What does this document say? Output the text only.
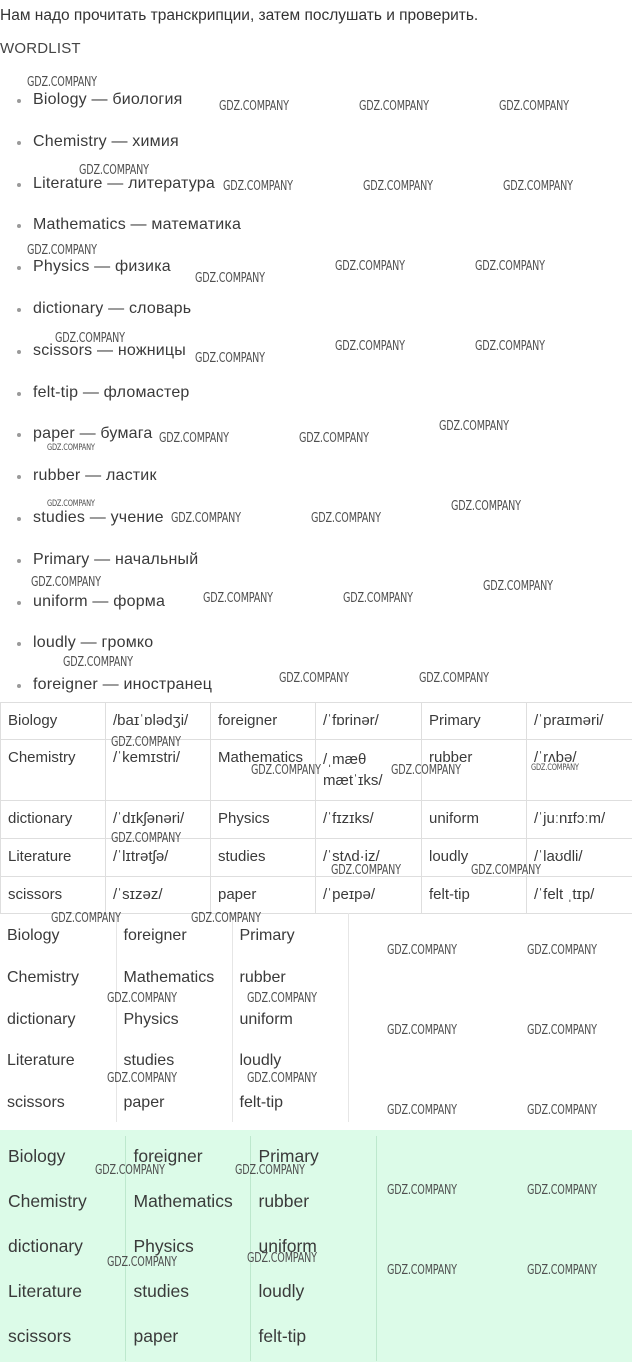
Нам надо прочитать транскрипции, затем послушать и проверить.
WORDLIST
Biology — биология
Chemistry — химия
Literature — литература
Mathematics — математика
Physics — физика
dictionary — словарь
scissors — ножницы
felt-tip — фломастер
paper — бумага
rubber — ластик
studies — учение
Primary — начальный
uniform — форма
loudly — громко
foreigner — иностранец
Biology	/baɪˈɒlədʒi/	foreigner	/ˈfɒrinər/	Primary	/ˈpraɪməri/
Chemistry	/ˈkemɪstri/	Mathematics	/ˌmæθ mætˈɪks/	rubber	/ˈrʌbə/
dictionary	/ˈdɪkʃənəri/	Physics	/ˈfɪzɪks/	uniform	/ˈjuːnɪfɔːm/
Literature	/ˈlɪtrətʃə/	studies	/ˈstʌd·iz/	loudly	/ˈlaʊdli/
scissors	/ˈsɪzəz/	paper	/ˈpeɪpə/	felt-tip	/ˈfelt ˌtɪp/
Biology	foreigner	Primary
Chemistry	Mathematics	rubber
dictionary	Physics	uniform
Literature	studies	loudly
scissors	paper	felt-tip
Biology	foreigner	Primary
Chemistry	Mathematics	rubber
dictionary	Physics	uniform
Literature	studies	loudly
scissors	paper	felt-tip
GDZ.COMPANY
GDZ.COMPANY	GDZ.COMPANY	GDZ.COMPANY
GDZ.COMPANY
GDZ.COMPANY	GDZ.COMPANY	GDZ.COMPANY
GDZ.COMPANY
GDZ.COMPANY	GDZ.COMPANY
GDZ.COMPANY
GDZ.COMPANY
GDZ.COMPANY	GDZ.COMPANY
GDZ.COMPANY
GDZ.COMPANY
GDZ.COMPANY	GDZ.COMPANY
GDZ.COMPANY
GDZ.COMPANY	GDZ.COMPANY
GDZ.COMPANY	GDZ.COMPANY
GDZ.COMPANY	GDZ.COMPANY
GDZ.COMPANY	GDZ.COMPANY
GDZ.COMPANY
GDZ.COMPANY	GDZ.COMPANY
GDZ.COMPANY
GDZ.COMPANY	GDZ.COMPANY	GDZ.COMPANY
GDZ.COMPANY
GDZ.COMPANY	GDZ.COMPANY
GDZ.COMPANY	GDZ.COMPANY
GDZ.COMPANY	GDZ.COMPANY
GDZ.COMPANY	GDZ.COMPANY
GDZ.COMPANY	GDZ.COMPANY
GDZ.COMPANY	GDZ.COMPANY
GDZ.COMPANY	GDZ.COMPANY
GDZ.COMPANY	GDZ.COMPANY
GDZ.COMPANY	GDZ.COMPANY
GDZ.COMPANY	GDZ.COMPANY
GDZ.COMPANY	GDZ.COMPANY
